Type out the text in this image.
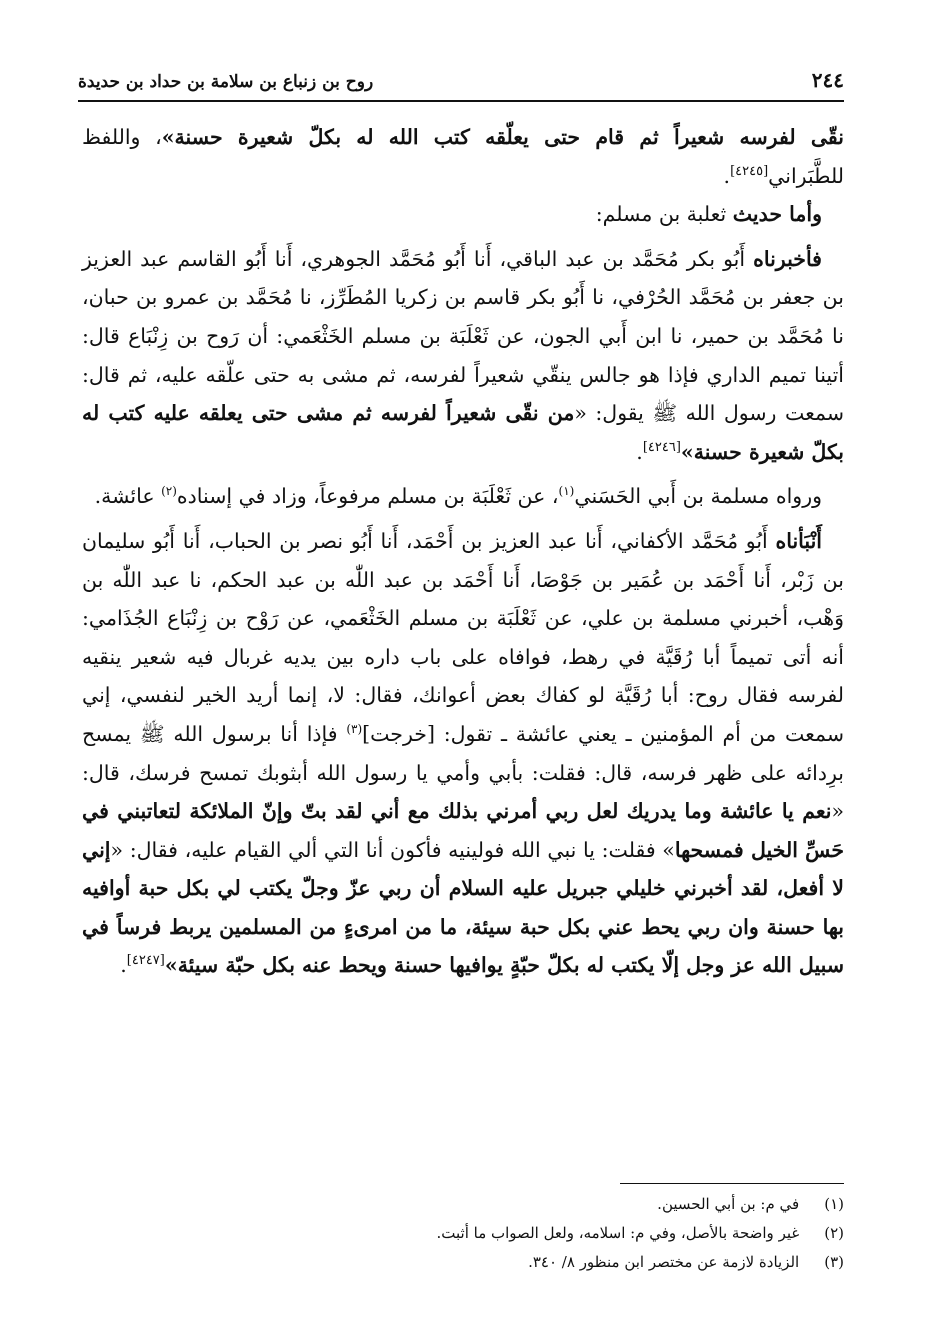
٢٤٤
روح بن زنباع بن سلامة بن حداد بن حديدة

نقّى لفرسه شعيراً ثم قام حتى يعلّقه كتب الله له بكلّ شعيرة حسنة»، واللفظ للطَّبَراني[٤٢٤٥].

وأما حديث ثعلبة بن مسلم:

فأخبرناه أَبُو بكر مُحَمَّد بن عبد الباقي، أَنا أَبُو مُحَمَّد الجوهري، أَنا أَبُو القاسم عبد العزيز بن جعفر بن مُحَمَّد الحُرْفي، نا أَبُو بكر قاسم بن زكريا المُطَرِّز، نا مُحَمَّد بن عمرو بن حبان، نا مُحَمَّد بن حمير، نا ابن أَبي الجون، عن ثَعْلَبَة بن مسلم الخَثْعَمي: أن رَوح بن زِنْبَاع قال: أتينا تميم الداري فإذا هو جالس ينقّي شعيراً لفرسه، ثم مشى به حتى علّقه عليه، ثم قال: سمعت رسول الله ﷺ يقول: «من نقّى شعيراً لفرسه ثم مشى حتى يعلقه عليه كتب له بكلّ شعيرة حسنة»[٤٢٤٦].

ورواه مسلمة بن أَبي الحَسَني$^{(١)}$، عن ثَعْلَبَة بن مسلم مرفوعاً، وزاد في إسناده$^{(٢)}$ عائشة.

أَنْبَأناه أَبُو مُحَمَّد الأكفاني، أَنا عبد العزيز بن أَحْمَد، أَنا أَبُو نصر بن الحباب، أَنا أَبُو سليمان بن زَبْر، أَنا أَحْمَد بن عُمَير بن جَوْصَا، أَنا أَحْمَد بن عبد اللّٰه بن عبد الحكم، نا عبد اللّٰه بن وَهْب، أخبرني مسلمة بن علي، عن ثَعْلَبَة بن مسلم الخَثْعَمي، عن رَوْح بن زِنْبَاع الجُذَامي: أنه أتى تميماً أبا رُقَيَّة في رهط، فوافاه على باب داره بين يديه غربال فيه شعير ينقيه لفرسه فقال روح: أبا رُقَيَّة لو كفاك بعض أعوانك، فقال: لا، إنما أريد الخير لنفسي، إني سمعت من أم المؤمنين ـ يعني عائشة ـ تقول: [خرجت]$^{(٣)}$ فإذا أنا برسول الله ﷺ يمسح برِدائه على ظهر فرسه، قال: فقلت: بأبي وأمي يا رسول الله أبثوبك تمسح فرسك، قال: «نعم يا عائشة وما يدريك لعل ربي أمرني بذلك مع أني لقد بتّ وإنّ الملائكة لتعاتبني في حَسِّ الخيل فمسحها» فقلت: يا نبي الله فولينيه فأكون أنا التي ألي القيام عليه، فقال: «إني لا أفعل، لقد أخبرني خليلي جبريل عليه السلام أن ربي عزّ وجلّ يكتب لي بكل حبة أوافيه بها حسنة وان ربي يحط عني بكل حبة سيئة، ما من امرىءٍ من المسلمين يربط فرساً في سبيل الله عز وجل إلّا يكتب له بكلّ حبّةٍ يوافيها حسنة ويحط عنه بكل حبّة سيئة»[٤٢٤٧].

(١) في م: بن أبي الحسين.

(٢) غير واضحة بالأصل، وفي م: اسلامه، ولعل الصواب ما أثبت.

(٣) الزيادة لازمة عن مختصر ابن منظور ٨/ ٣٤٠.
